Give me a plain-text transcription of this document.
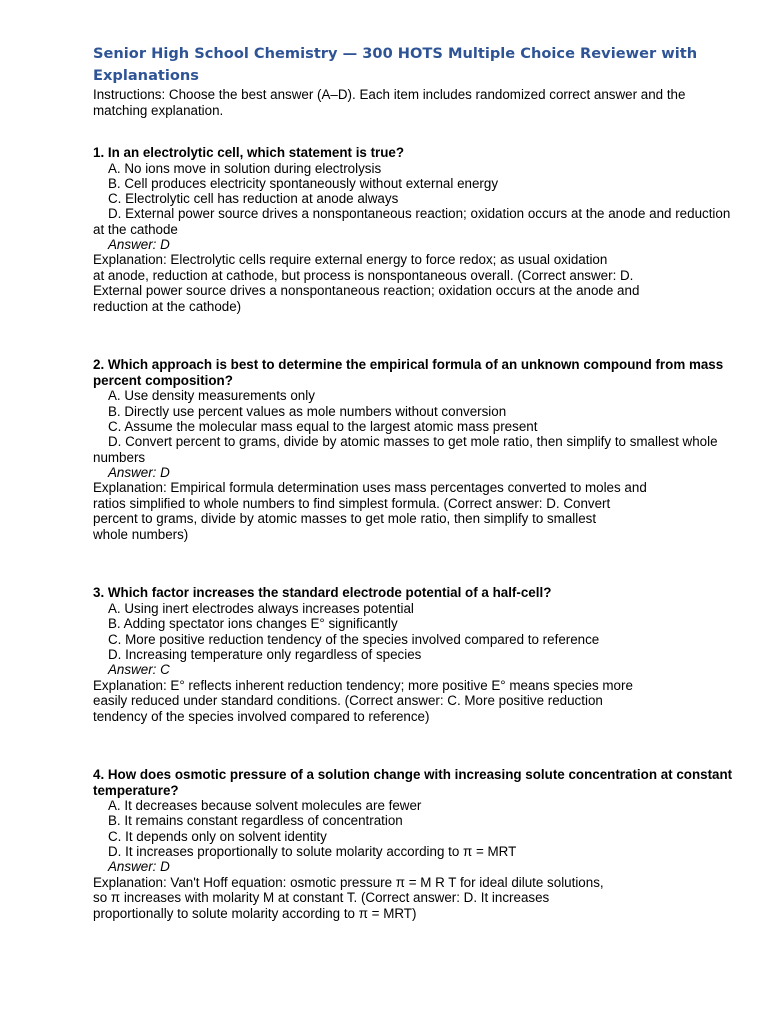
Senior High School Chemistry — 300 HOTS Multiple Choice Reviewer with Explanations

Instructions: Choose the best answer (A–D). Each item includes randomized correct answer and the matching explanation.

1. In an electrolytic cell, which statement is true?

A. No ions move in solution during electrolysis
B. Cell produces electricity spontaneously without external energy
C. Electrolytic cell has reduction at anode always
D. External power source drives a nonspontaneous reaction; oxidation occurs at the anode and reduction at the cathode

Answer: D

Explanation: Electrolytic cells require external energy to force redox; as usual oxidation
at anode, reduction at cathode, but process is nonspontaneous overall. (Correct answer: D.
External power source drives a nonspontaneous reaction; oxidation occurs at the anode and
reduction at the cathode)

2. Which approach is best to determine the empirical formula of an unknown compound from mass percent composition?

A. Use density measurements only
B. Directly use percent values as mole numbers without conversion
C. Assume the molecular mass equal to the largest atomic mass present
D. Convert percent to grams, divide by atomic masses to get mole ratio, then simplify to smallest whole numbers

Answer: D

Explanation: Empirical formula determination uses mass percentages converted to moles and
ratios simplified to whole numbers to find simplest formula. (Correct answer: D. Convert
percent to grams, divide by atomic masses to get mole ratio, then simplify to smallest
whole numbers)

3. Which factor increases the standard electrode potential of a half-cell?

A. Using inert electrodes always increases potential
B. Adding spectator ions changes E° significantly
C. More positive reduction tendency of the species involved compared to reference
D. Increasing temperature only regardless of species

Answer: C

Explanation: E° reflects inherent reduction tendency; more positive E° means species more
easily reduced under standard conditions. (Correct answer: C. More positive reduction
tendency of the species involved compared to reference)

4. How does osmotic pressure of a solution change with increasing solute concentration at constant temperature?

A. It decreases because solvent molecules are fewer
B. It remains constant regardless of concentration
C. It depends only on solvent identity
D. It increases proportionally to solute molarity according to π = MRT

Answer: D

Explanation: Van't Hoff equation: osmotic pressure π = M R T for ideal dilute solutions,
so π increases with molarity M at constant T. (Correct answer: D. It increases
proportionally to solute molarity according to π = MRT)
